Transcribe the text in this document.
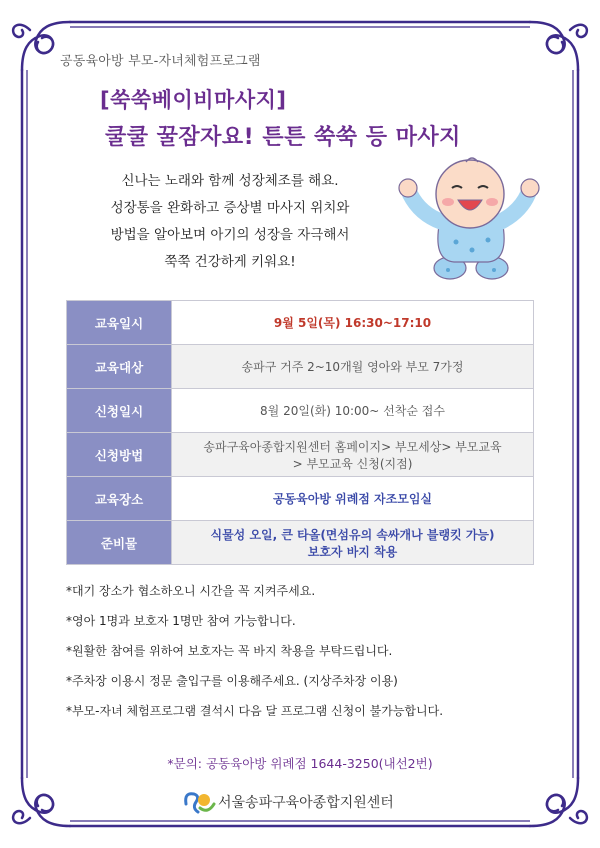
공동육아방 부모-자녀체험프로그램
[쑥쑥베이비마사지]
쿨쿨 꿀잠자요! 튼튼 쑥쑥 등 마사지
신나는 노래와 함께 성장체조를 해요.
성장통을 완화하고 증상별 마사지 위치와
방법을 알아보며 아기의 성장을 자극해서
쭉쭉 건강하게 키워요!
교육일시	9월 5일(목) 16:30~17:10
교육대상	송파구 거주 2~10개월 영아와 부모 7가정
신청일시	8월 20일(화) 10:00~ 선착순 접수
신청방법	송파구육아종합지원센터 홈페이지> 부모세상> 부모교육
> 부모교육 신청(지점)

교육장소	공동육아방 위례점 자조모임실
준비물	식물성 오일, 큰 타올(면섬유의 속싸개나 블랭킷 가능)
보호자 바지 착용
*대기 장소가 협소하오니 시간을 꼭 지켜주세요.
*영아 1명과 보호자 1명만 참여 가능합니다.
*원활한 참여를 위하여 보호자는 꼭 바지 착용을 부탁드립니다.
*주차장 이용시 정문 출입구를 이용해주세요. (지상주차장 이용)
*부모-자녀 체험프로그램 결석시 다음 달 프로그램 신청이 불가능합니다.
*문의: 공동육아방 위례점 1644-3250(내선2번)
서울송파구육아종합지원센터
